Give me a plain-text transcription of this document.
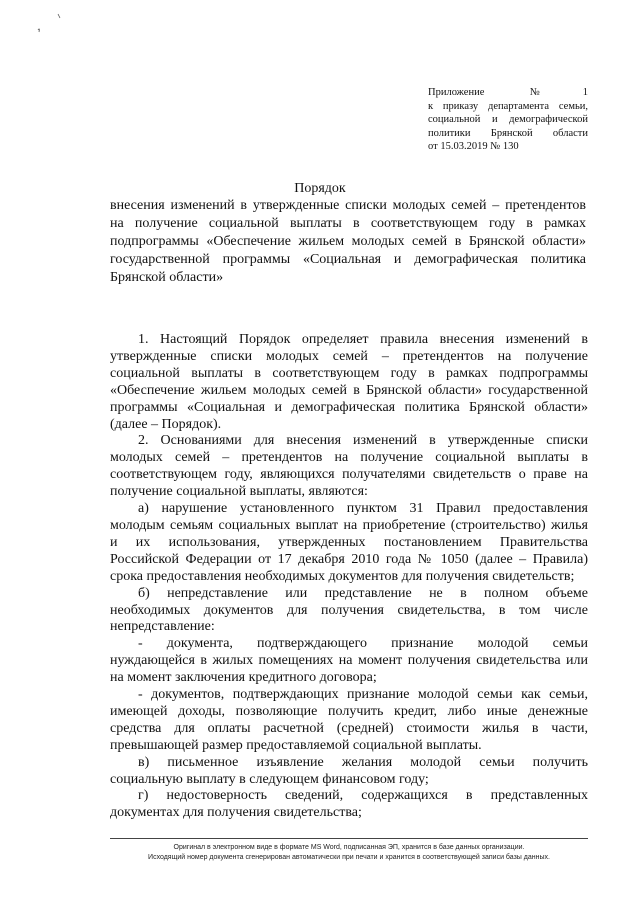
Приложение №1
к приказу департамента семьи,
социальной и демографической
политики Брянской области
от 15.03.2019 № 130
Порядок
внесения изменений в утвержденные списки молодых семей – претендентов
на получение социальной выплаты в соответствующем году в рамках
подпрограммы «Обеспечение жильем молодых семей в Брянской области»
государственной программы «Социальная и демографическая политика
Брянской области»
1. Настоящий Порядок определяет правила внесения изменений в
утвержденные списки молодых семей – претендентов на получение
социальной выплаты в соответствующем году в рамках подпрограммы
«Обеспечение жильем молодых семей в Брянской области» государственной
программы «Социальная и демографическая политика Брянской области»
(далее – Порядок).
2. Основаниями для внесения изменений в утвержденные списки
молодых семей – претендентов на получение социальной выплаты в
соответствующем году, являющихся получателями свидетельств о праве на
получение социальной выплаты, являются:
а) нарушение установленного пунктом 31 Правил предоставления
молодым семьям социальных выплат на приобретение (строительство) жилья
и их использования, утвержденных постановлением Правительства
Российской Федерации от 17 декабря 2010 года № 1050 (далее – Правила)
срока предоставления необходимых документов для получения свидетельств;
б) непредставление или представление не в полном объеме
необходимых документов для получения свидетельства, в том числе
непредставление:
- документа, подтверждающего признание молодой семьи
нуждающейся в жилых помещениях на момент получения свидетельства или
на момент заключения кредитного договора;
- документов, подтверждающих признание молодой семьи как семьи,
имеющей доходы, позволяющие получить кредит, либо иные денежные
средства для оплаты расчетной (средней) стоимости жилья в части,
превышающей размер предоставляемой социальной выплаты.
в) письменное изъявление желания молодой семьи получить
социальную выплату в следующем финансовом году;
г) недостоверность сведений, содержащихся в представленных
документах для получения свидетельства;
Оригинал в электронном виде в формате MS Word, подписанная ЭП, хранится в базе данных организации.
Исходящий номер документа сгенерирован автоматически при печати и хранится в соответствующей записи базы данных.
